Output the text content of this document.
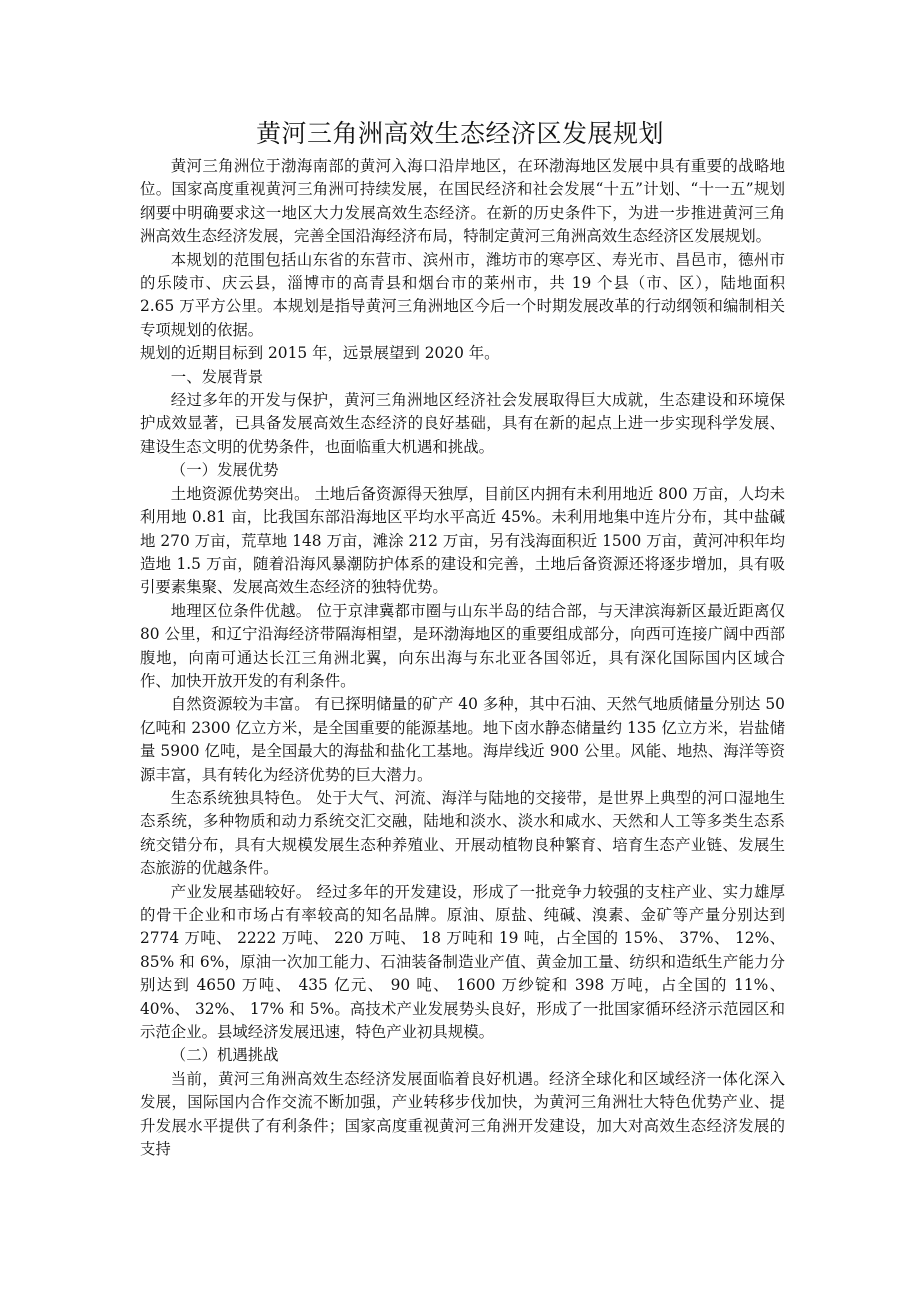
黄河三角洲高效生态经济区发展规划

黄河三角洲位于渤海南部的黄河入海口沿岸地区，在环渤海地区发展中具有重要的战略地位。国家高度重视黄河三角洲可持续发展，在国民经济和社会发展“十五”计划、“十一五”规划纲要中明确要求这一地区大力发展高效生态经济。在新的历史条件下，为进一步推进黄河三角洲高效生态经济发展，完善全国沿海经济布局，特制定黄河三角洲高效生态经济区发展规划。

本规划的范围包括山东省的东营市、滨州市，潍坊市的寒亭区、寿光市、昌邑市，德州市的乐陵市、庆云县，淄博市的高青县和烟台市的莱州市，共 19 个县（市、区），陆地面积 2.65 万平方公里。本规划是指导黄河三角洲地区今后一个时期发展改革的行动纲领和编制相关专项规划的依据。

规划的近期目标到 2015 年，远景展望到 2020 年。

一、发展背景

经过多年的开发与保护，黄河三角洲地区经济社会发展取得巨大成就，生态建设和环境保护成效显著，已具备发展高效生态经济的良好基础，具有在新的起点上进一步实现科学发展、建设生态文明的优势条件，也面临重大机遇和挑战。

（一）发展优势

土地资源优势突出。 土地后备资源得天独厚，目前区内拥有未利用地近 800 万亩，人均未利用地 0.81 亩，比我国东部沿海地区平均水平高近 45%。未利用地集中连片分布，其中盐碱地 270 万亩，荒草地 148 万亩，滩涂 212 万亩，另有浅海面积近 1500 万亩，黄河冲积年均造地 1.5 万亩，随着沿海风暴潮防护体系的建设和完善，土地后备资源还将逐步增加，具有吸引要素集聚、发展高效生态经济的独特优势。

地理区位条件优越。 位于京津冀都市圈与山东半岛的结合部，与天津滨海新区最近距离仅 80 公里，和辽宁沿海经济带隔海相望，是环渤海地区的重要组成部分，向西可连接广阔中西部腹地，向南可通达长江三角洲北翼，向东出海与东北亚各国邻近，具有深化国际国内区域合作、加快开放开发的有利条件。

自然资源较为丰富。 有已探明储量的矿产 40 多种，其中石油、天然气地质储量分别达 50 亿吨和 2300 亿立方米，是全国重要的能源基地。地下卤水静态储量约 135 亿立方米，岩盐储量 5900 亿吨，是全国最大的海盐和盐化工基地。海岸线近 900 公里。风能、地热、海洋等资源丰富，具有转化为经济优势的巨大潜力。

生态系统独具特色。 处于大气、河流、海洋与陆地的交接带，是世界上典型的河口湿地生态系统，多种物质和动力系统交汇交融，陆地和淡水、淡水和咸水、天然和人工等多类生态系统交错分布，具有大规模发展生态种养殖业、开展动植物良种繁育、培育生态产业链、发展生态旅游的优越条件。

产业发展基础较好。 经过多年的开发建设，形成了一批竞争力较强的支柱产业、实力雄厚的骨干企业和市场占有率较高的知名品牌。原油、原盐、纯碱、溴素、金矿等产量分别达到 2774 万吨、 2222 万吨、 220 万吨、 18 万吨和 19 吨，占全国的 15%、 37%、 12%、 85% 和 6%，原油一次加工能力、石油装备制造业产值、黄金加工量、纺织和造纸生产能力分别达到 4650 万吨、 435 亿元、 90 吨、 1600 万纱锭和 398 万吨，占全国的 11%、 40%、 32%、 17% 和 5%。高技术产业发展势头良好，形成了一批国家循环经济示范园区和示范企业。县域经济发展迅速，特色产业初具规模。

（二）机遇挑战

当前，黄河三角洲高效生态经济发展面临着良好机遇。经济全球化和区域经济一体化深入发展，国际国内合作交流不断加强，产业转移步伐加快，为黄河三角洲壮大特色优势产业、提升发展水平提供了有利条件；国家高度重视黄河三角洲开发建设，加大对高效生态经济发展的支持
